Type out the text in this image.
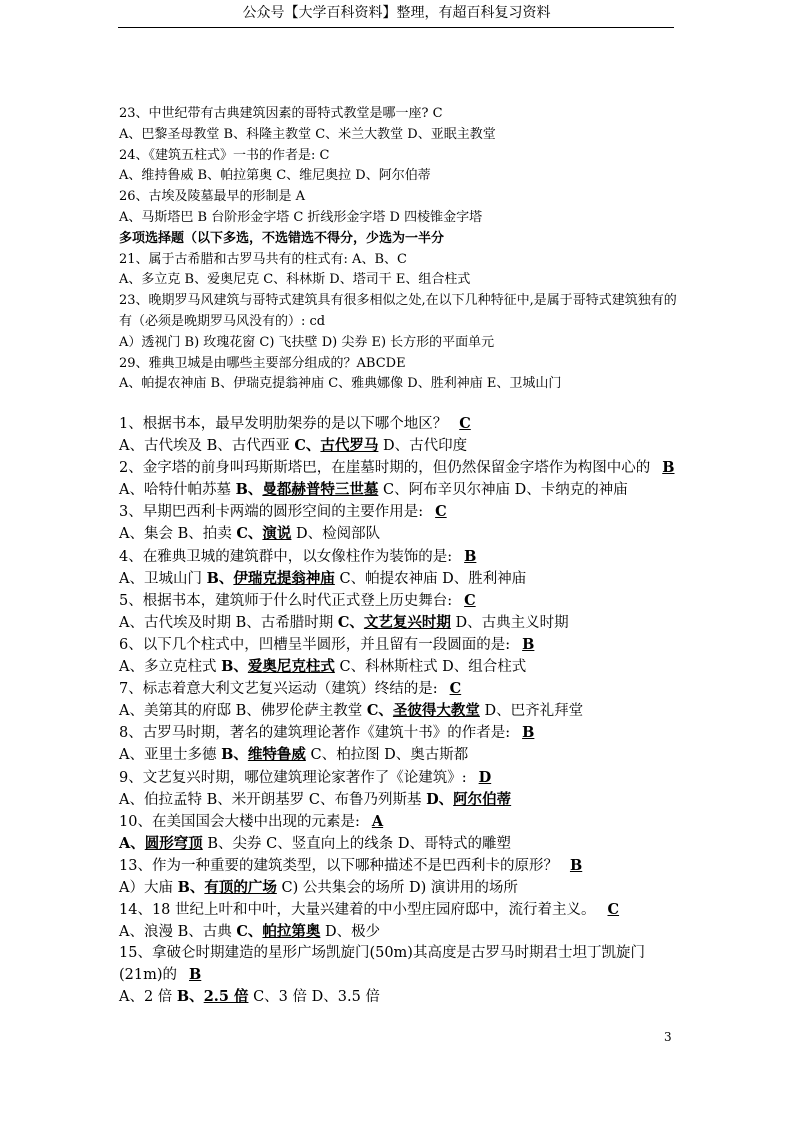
公众号【大学百科资料】整理，有超百科复习资料
23、中世纪带有古典建筑因素的哥特式教堂是哪一座? C
A、巴黎圣母教堂 B、科隆主教堂 C、米兰大教堂 D、亚眠主教堂
24、《建筑五柱式》一书的作者是: C
A、维持鲁威 B、帕拉第奥 C、维尼奥拉 D、阿尔伯蒂
26、古埃及陵墓最早的形制是 A
A、马斯塔巴 B 台阶形金字塔 C 折线形金字塔 D 四棱锥金字塔
多项选择题（以下多选，不选错选不得分，少选为一半分
21、属于古希腊和古罗马共有的柱式有: A、B、C
A、多立克 B、爱奥尼克 C、科林斯 D、塔司干 E、组合柱式
23、晚期罗马风建筑与哥特式建筑具有很多相似之处,在以下几种特征中,是属于哥特式建筑独有的有（必须是晚期罗马风没有的）: cd
A）透视门 B) 玫瑰花窗 C) 飞扶壁 D) 尖券 E) 长方形的平面单元
29、雅典卫城是由哪些主要部分组成的？ABCDE
A、帕提农神庙 B、伊瑞克提翁神庙 C、雅典娜像 D、胜利神庙 E、卫城山门
1、根据书本，最早发明肋架券的是以下哪个地区？ C
A、古代埃及 B、古代西亚 C、古代罗马 D、古代印度
2、金字塔的前身叫玛斯斯塔巴，在崖墓时期的，但仍然保留金字塔作为构图中心的 B
A、哈特什帕苏墓 B、曼都赫普特三世墓 C、阿布辛贝尔神庙 D、卡纳克的神庙
3、早期巴西利卡两端的圆形空间的主要作用是: C
A、集会 B、拍卖 C、演说 D、检阅部队
4、在雅典卫城的建筑群中，以女像柱作为装饰的是: B
A、卫城山门 B、伊瑞克提翁神庙 C、帕提农神庙 D、胜利神庙
5、根据书本，建筑师于什么时代正式登上历史舞台: C
A、古代埃及时期 B、古希腊时期 C、文艺复兴时期 D、古典主义时期
6、以下几个柱式中，凹槽呈半圆形，并且留有一段圆面的是: B
A、多立克柱式 B、爱奥尼克柱式 C、科林斯柱式 D、组合柱式
7、标志着意大利文艺复兴运动（建筑）终结的是: C
A、美第其的府邸 B、佛罗伦萨主教堂 C、圣彼得大教堂 D、巴齐礼拜堂
8、古罗马时期，著名的建筑理论著作《建筑十书》的作者是: B
A、亚里士多德 B、维特鲁威 C、柏拉图 D、奥古斯都
9、文艺复兴时期，哪位建筑理论家著作了《论建筑》: D
A、伯拉孟特 B、米开朗基罗 C、布鲁乃列斯基 D、阿尔伯蒂
10、在美国国会大楼中出现的元素是: A
A、圆形穹顶 B、尖券 C、竖直向上的线条 D、哥特式的雕塑
13、作为一种重要的建筑类型，以下哪种描述不是巴西利卡的原形？ B
A）大庙 B、有顶的广场 C) 公共集会的场所 D) 演讲用的场所
14、18 世纪上叶和中叶，大量兴建着的中小型庄园府邸中，流行着主义。 C
A、浪漫 B、古典 C、帕拉第奥 D、极少
15、拿破仑时期建造的星形广场凯旋门(50m)其高度是古罗马时期君士坦丁凯旋门(21m)的 B
A、2 倍 B、2.5 倍 C、3 倍 D、3.5 倍
3
